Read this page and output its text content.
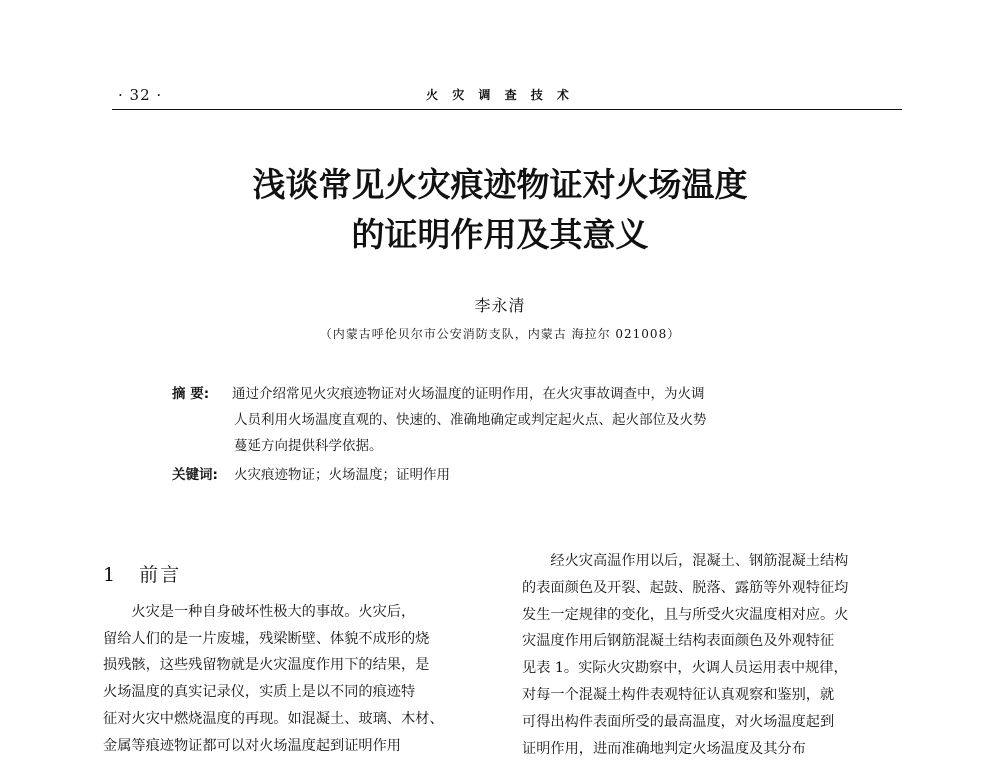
· 32 ·	火 灾 调 查 技 术
浅谈常见火灾痕迹物证对火场温度
的证明作用及其意义
李永清
（内蒙古呼伦贝尔市公安消防支队，内蒙古 海拉尔 021008）
摘 要:	通过介绍常见火灾痕迹物证对火场温度的证明作用，在火灾事故调查中，为火调
人员利用火场温度直观的、快速的、准确地确定或判定起火点、起火部位及火势
蔓延方向提供科学依据。
关键词:	火灾痕迹物证；火场温度；证明作用
1 前言
　　火灾是一种自身破坏性极大的事故。火灾后，
留给人们的是一片废墟，残梁断壁、体貌不成形的烧
损残骸，这些残留物就是火灾温度作用下的结果，是
火场温度的真实记录仪，实质上是以不同的痕迹特
征对火灾中燃烧温度的再现。如混凝土、玻璃、木材、
金属等痕迹物证都可以对火场温度起到证明作用
　　经火灾高温作用以后，混凝土、钢筋混凝土结构
的表面颜色及开裂、起鼓、脱落、露筋等外观特征均
发生一定规律的变化，且与所受火灾温度相对应。火
灾温度作用后钢筋混凝土结构表面颜色及外观特征
见表 1。实际火灾勘察中，火调人员运用表中规律，
对每一个混凝土构件表观特征认真观察和鉴别，就
可得出构件表面所受的最高温度，对火场温度起到
证明作用，进而准确地判定火场温度及其分布
